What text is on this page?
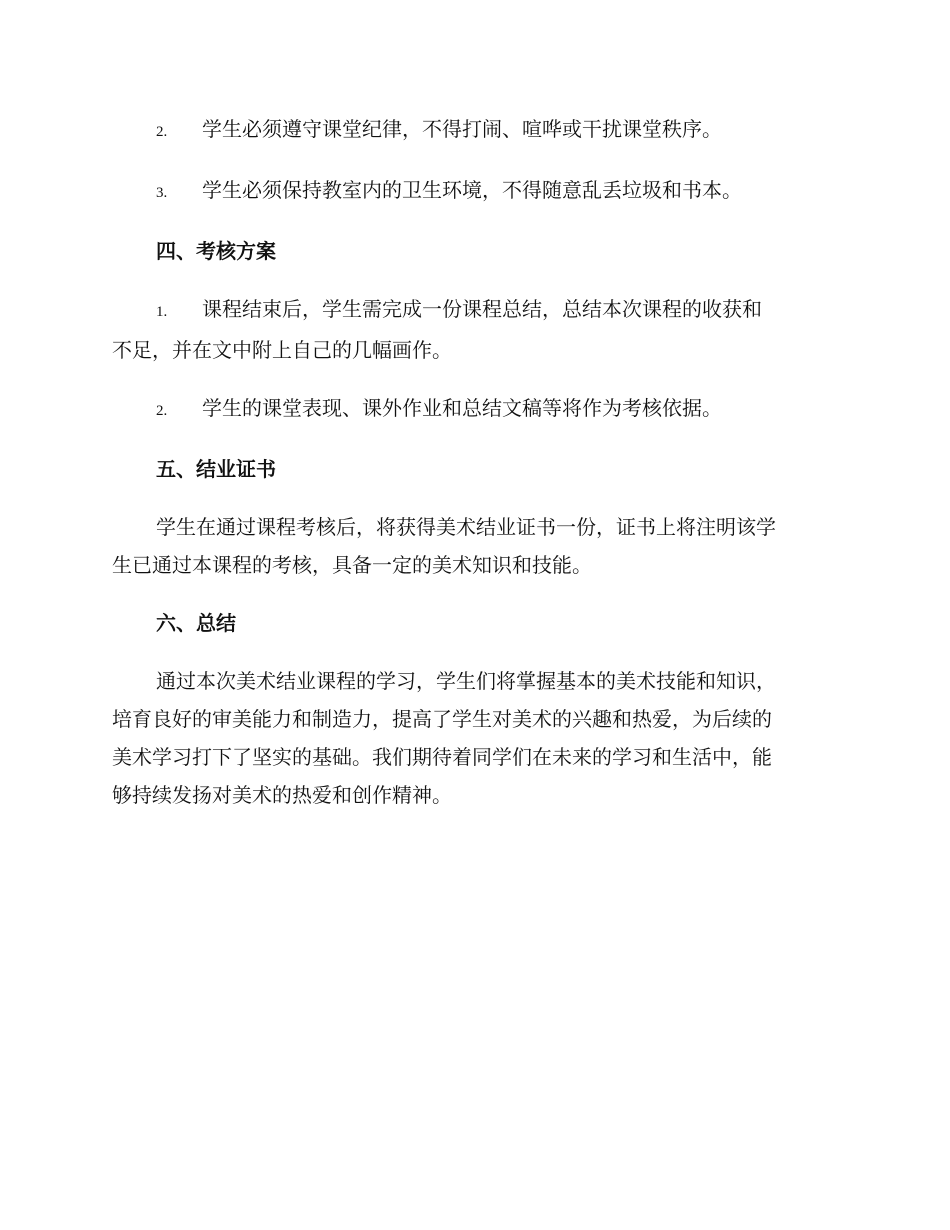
2. 学生必须遵守课堂纪律，不得打闹、喧哗或干扰课堂秩序。
3. 学生必须保持教室内的卫生环境，不得随意乱丢垃圾和书本。
四、考核方案
1. 课程结束后，学生需完成一份课程总结，总结本次课程的收获和
不足，并在文中附上自己的几幅画作。
2. 学生的课堂表现、课外作业和总结文稿等将作为考核依据。
五、结业证书
学生在通过课程考核后，将获得美术结业证书一份，证书上将注明该学
生已通过本课程的考核，具备一定的美术知识和技能。
六、总结
通过本次美术结业课程的学习，学生们将掌握基本的美术技能和知识，
培育良好的审美能力和制造力，提高了学生对美术的兴趣和热爱，为后续的
美术学习打下了坚实的基础。我们期待着同学们在未来的学习和生活中，能
够持续发扬对美术的热爱和创作精神。
